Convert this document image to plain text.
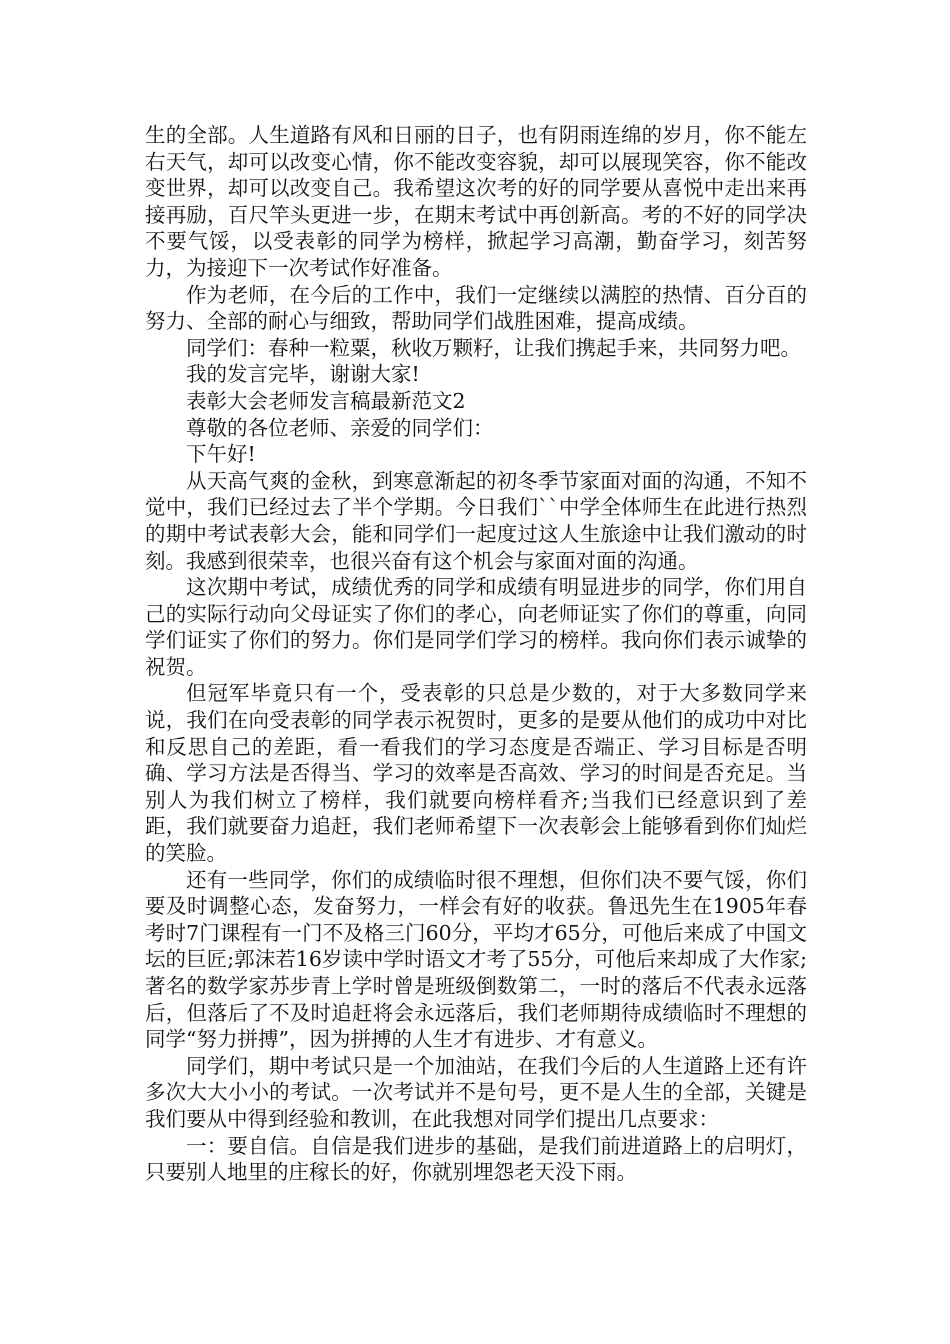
生的全部。人生道路有风和日丽的日子，也有阴雨连绵的岁月，你不能左右天气，却可以改变心情，你不能改变容貌，却可以展现笑容，你不能改变世界，却可以改变自己。我希望这次考的好的同学要从喜悦中走出来再接再励，百尺竿头更进一步，在期末考试中再创新高。考的不好的同学决不要气馁，以受表彰的同学为榜样，掀起学习高潮，勤奋学习，刻苦努力，为接迎下一次考试作好准备。

作为老师，在今后的工作中，我们一定继续以满腔的热情、百分百的努力、全部的耐心与细致，帮助同学们战胜困难，提高成绩。

同学们：春种一粒粟，秋收万颗籽，让我们携起手来，共同努力吧。

我的发言完毕，谢谢大家!

表彰大会老师发言稿最新范文2

尊敬的各位老师、亲爱的同学们：

下午好!

从天高气爽的金秋，到寒意渐起的初冬季节家面对面的沟通，不知不觉中，我们已经过去了半个学期。今日我们``中学全体师生在此进行热烈的期中考试表彰大会，能和同学们一起度过这人生旅途中让我们激动的时刻。我感到很荣幸，也很兴奋有这个机会与家面对面的沟通。

这次期中考试，成绩优秀的同学和成绩有明显进步的同学，你们用自己的实际行动向父母证实了你们的孝心，向老师证实了你们的尊重，向同学们证实了你们的努力。你们是同学们学习的榜样。我向你们表示诚挚的祝贺。

但冠军毕竟只有一个，受表彰的只总是少数的，对于大多数同学来说，我们在向受表彰的同学表示祝贺时，更多的是要从他们的成功中对比和反思自己的差距，看一看我们的学习态度是否端正、学习目标是否明确、学习方法是否得当、学习的效率是否高效、学习的时间是否充足。当别人为我们树立了榜样，我们就要向榜样看齐;当我们已经意识到了差距，我们就要奋力追赶，我们老师希望下一次表彰会上能够看到你们灿烂的笑脸。

还有一些同学，你们的成绩临时很不理想，但你们决不要气馁，你们要及时调整心态，发奋努力，一样会有好的收获。鲁迅先生在1905年春考时7门课程有一门不及格三门60分，平均才65分，可他后来成了中国文坛的巨匠;郭沫若16岁读中学时语文才考了55分，可他后来却成了大作家;著名的数学家苏步青上学时曾是班级倒数第二，一时的落后不代表永远落后，但落后了不及时追赶将会永远落后，我们老师期待成绩临时不理想的同学“努力拼搏”，因为拼搏的人生才有进步、才有意义。

同学们，期中考试只是一个加油站，在我们今后的人生道路上还有许多次大大小小的考试。一次考试并不是句号，更不是人生的全部，关键是我们要从中得到经验和教训，在此我想对同学们提出几点要求：

一：要自信。自信是我们进步的基础，是我们前进道路上的启明灯，只要别人地里的庄稼长的好，你就别埋怨老天没下雨。
